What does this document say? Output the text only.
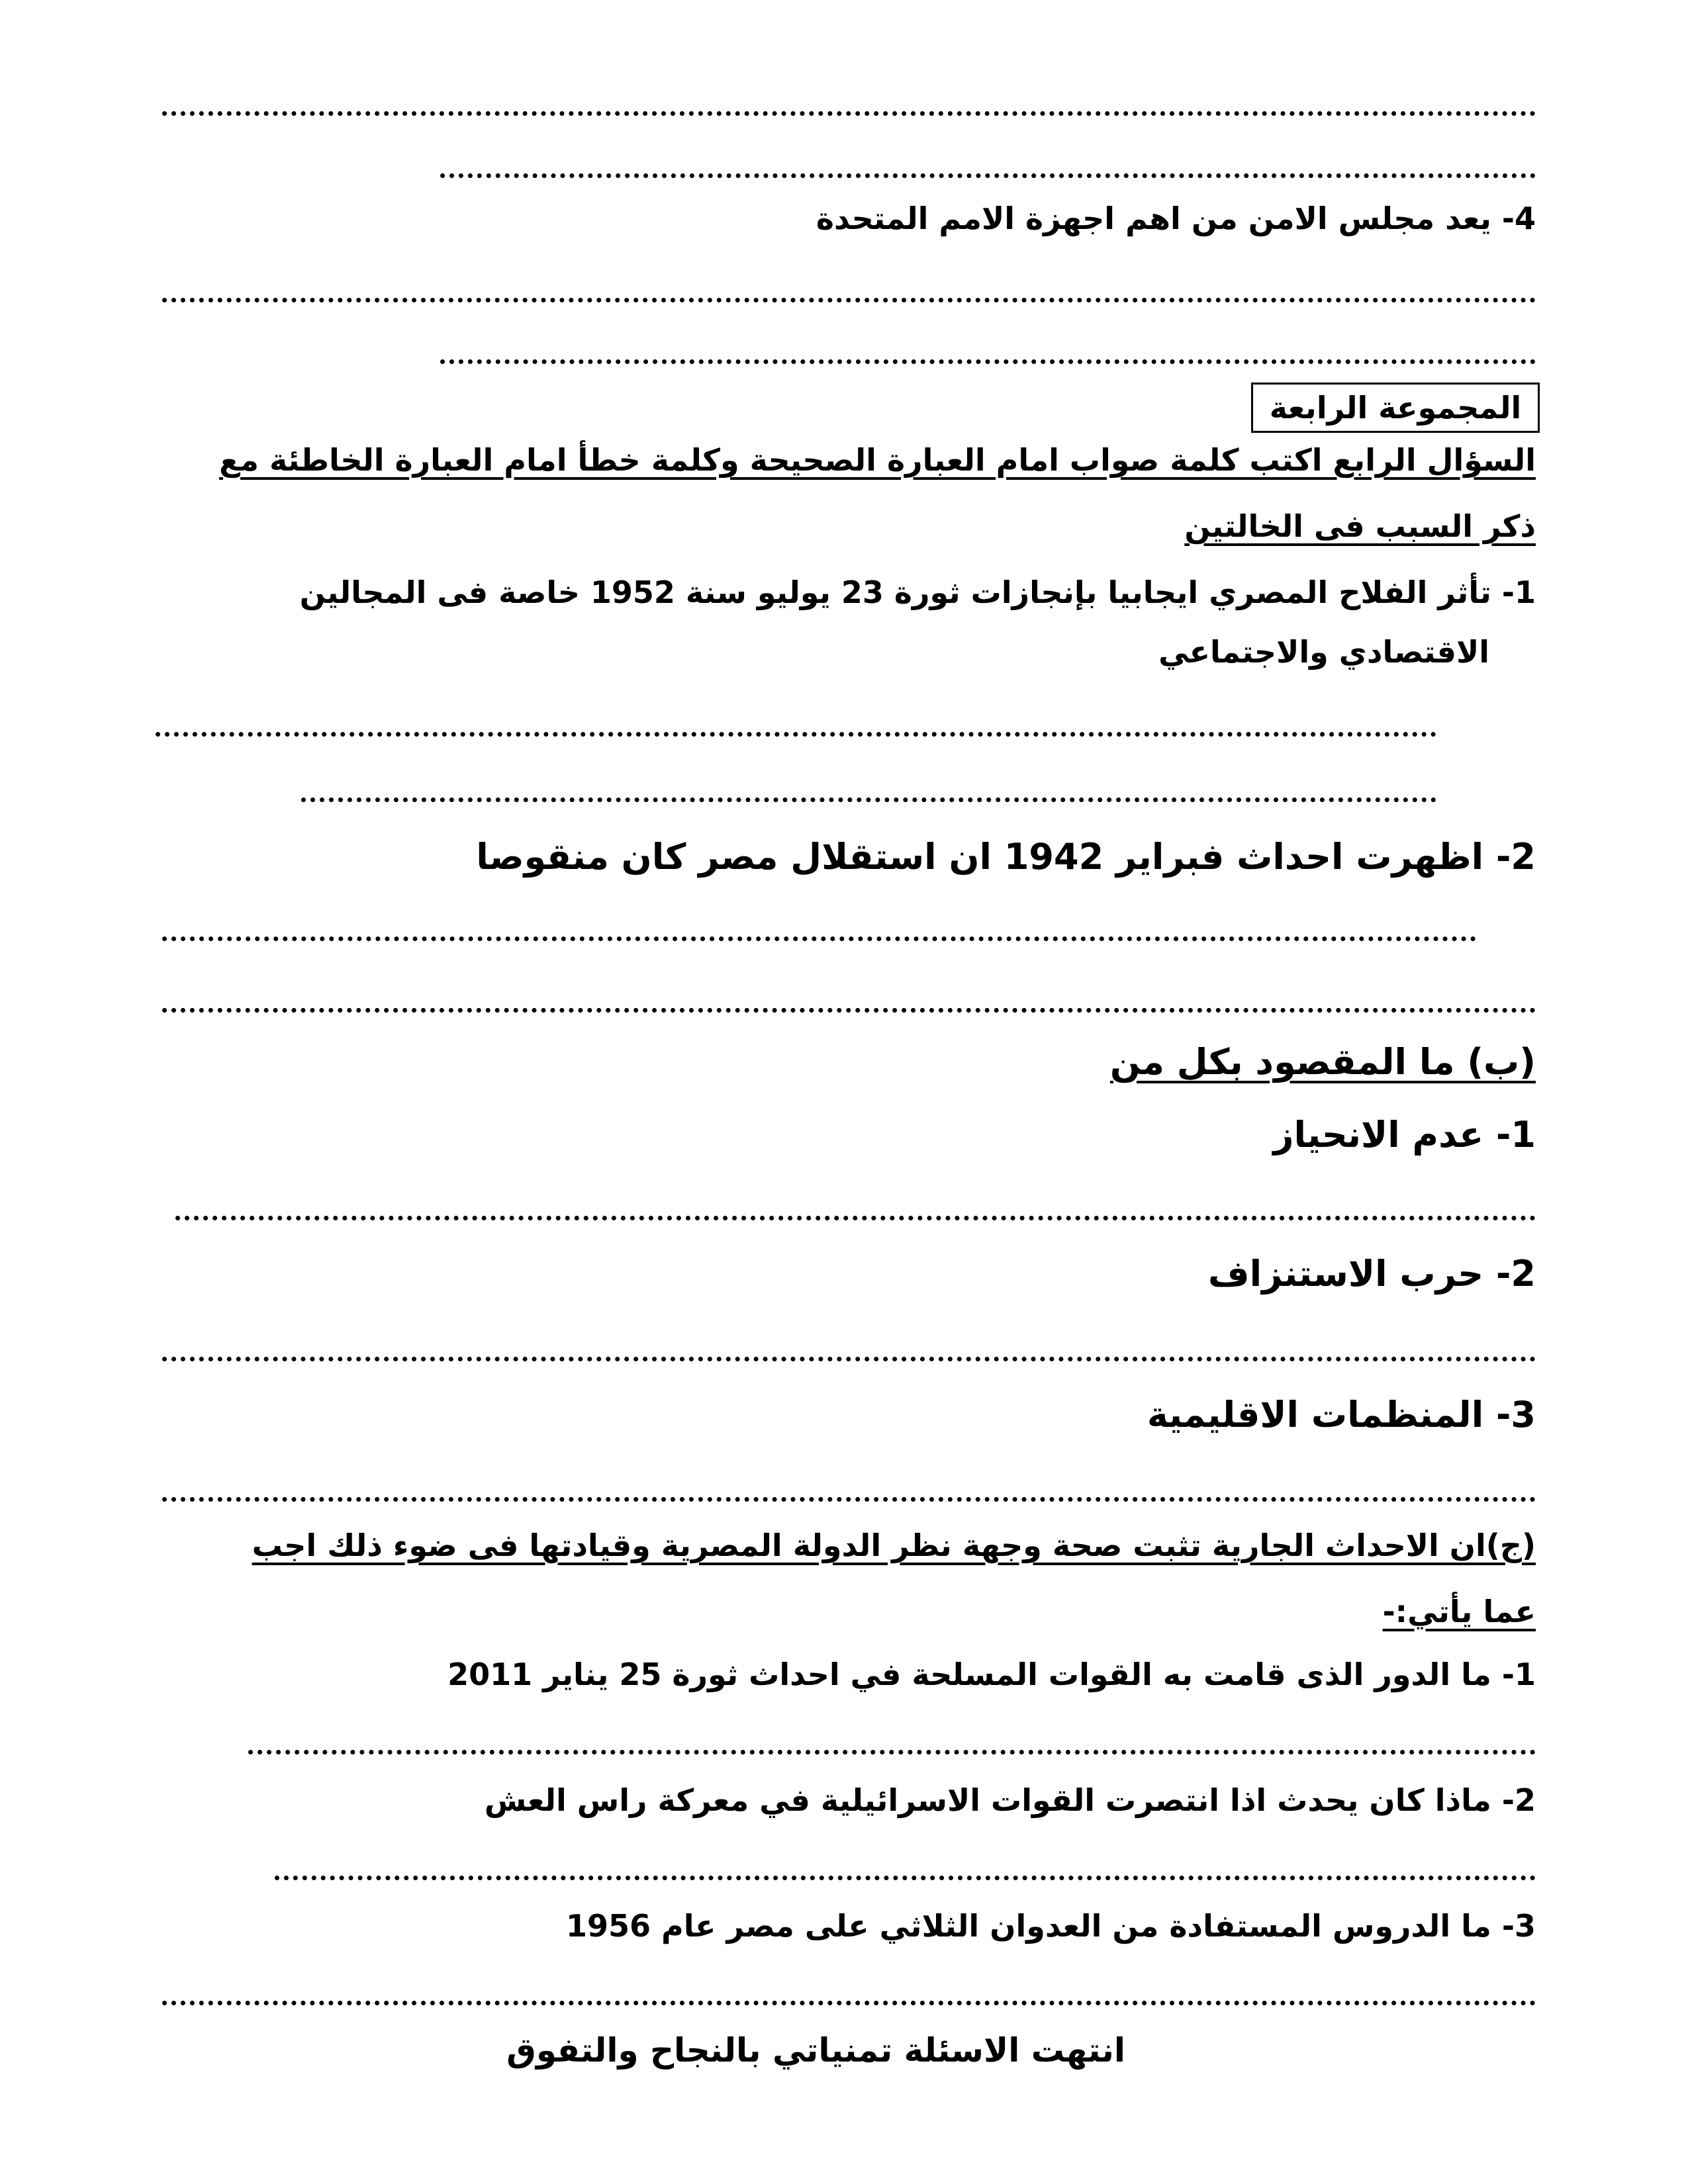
4- يعد مجلس الامن من اهم اجهزة الامم المتحدة
المجموعة الرابعة
السؤال الرابع اكتب كلمة صواب امام العبارة الصحيحة وكلمة خطأ امام العبارة الخاطئة مع
ذكر السبب فى الخالتين
1- تأثر الفلاح المصري ايجابيا بإنجازات ثورة 23 يوليو سنة 1952 خاصة فى المجالين
الاقتصادي والاجتماعي
2- اظهرت احداث فبراير 1942 ان استقلال مصر كان منقوصا
(ب) ما المقصود بكل من
1- عدم الانحياز
2- حرب الاستنزاف
3- المنظمات الاقليمية
(ج)ان الاحداث الجارية تثبت صحة وجهة نظر الدولة المصرية وقيادتها فى ضوء ذلك اجب
عما يأتي:-
1- ما الدور الذى قامت به القوات المسلحة في احداث ثورة 25 يناير 2011
2- ماذا كان يحدث اذا انتصرت القوات الاسرائيلية في معركة راس العش
3- ما الدروس المستفادة من العدوان الثلاثي على مصر عام 1956
انتهت الاسئلة تمنياتي بالنجاح والتفوق
